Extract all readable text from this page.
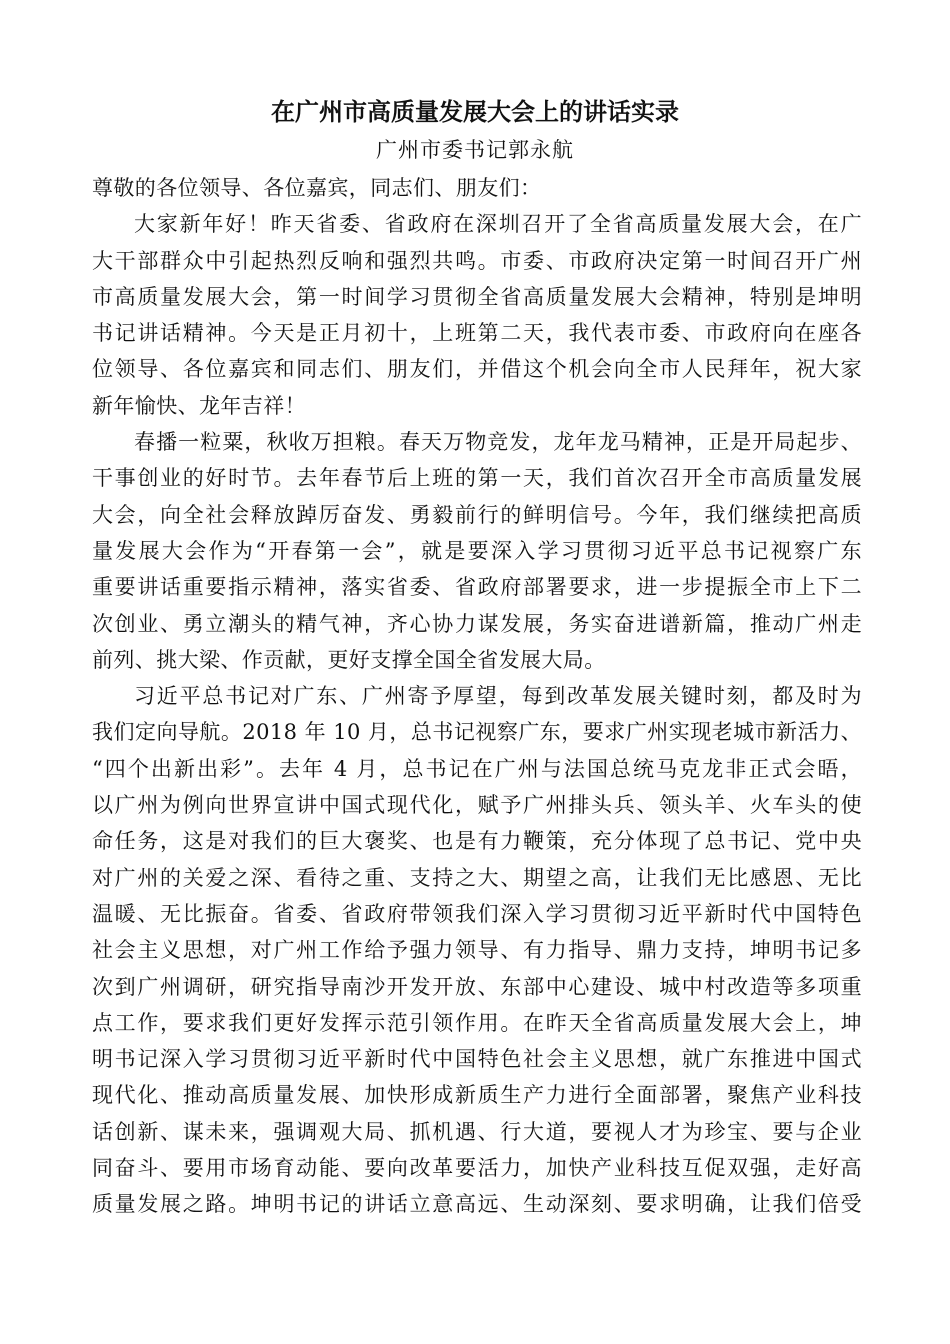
在广州市高质量发展大会上的讲话实录
广州市委书记郭永航
尊敬的各位领导、各位嘉宾，同志们、朋友们：
大家新年好！昨天省委、省政府在深圳召开了全省高质量发展大会，在广
大干部群众中引起热烈反响和强烈共鸣。市委、市政府决定第一时间召开广州
市高质量发展大会，第一时间学习贯彻全省高质量发展大会精神，特别是坤明
书记讲话精神。今天是正月初十，上班第二天，我代表市委、市政府向在座各
位领导、各位嘉宾和同志们、朋友们，并借这个机会向全市人民拜年，祝大家
新年愉快、龙年吉祥！
春播一粒粟，秋收万担粮。春天万物竞发，龙年龙马精神，正是开局起步、
干事创业的好时节。去年春节后上班的第一天，我们首次召开全市高质量发展
大会，向全社会释放踔厉奋发、勇毅前行的鲜明信号。今年，我们继续把高质
量发展大会作为“开春第一会”，就是要深入学习贯彻习近平总书记视察广东
重要讲话重要指示精神，落实省委、省政府部署要求，进一步提振全市上下二
次创业、勇立潮头的精气神，齐心协力谋发展，务实奋进谱新篇，推动广州走
前列、挑大梁、作贡献，更好支撑全国全省发展大局。
习近平总书记对广东、广州寄予厚望，每到改革发展关键时刻，都及时为
我们定向导航。2018 年 10 月，总书记视察广东，要求广州实现老城市新活力、
“四个出新出彩”。去年 4 月，总书记在广州与法国总统马克龙非正式会晤，
以广州为例向世界宣讲中国式现代化，赋予广州排头兵、领头羊、火车头的使
命任务，这是对我们的巨大褒奖、也是有力鞭策，充分体现了总书记、党中央
对广州的关爱之深、看待之重、支持之大、期望之高，让我们无比感恩、无比
温暖、无比振奋。省委、省政府带领我们深入学习贯彻习近平新时代中国特色
社会主义思想，对广州工作给予强力领导、有力指导、鼎力支持，坤明书记多
次到广州调研，研究指导南沙开发开放、东部中心建设、城中村改造等多项重
点工作，要求我们更好发挥示范引领作用。在昨天全省高质量发展大会上，坤
明书记深入学习贯彻习近平新时代中国特色社会主义思想，就广东推进中国式
现代化、推动高质量发展、加快形成新质生产力进行全面部署，聚焦产业科技
话创新、谋未来，强调观大局、抓机遇、行大道，要视人才为珍宝、要与企业
同奋斗、要用市场育动能、要向改革要活力，加快产业科技互促双强，走好高
质量发展之路。坤明书记的讲话立意高远、生动深刻、要求明确，让我们倍受
